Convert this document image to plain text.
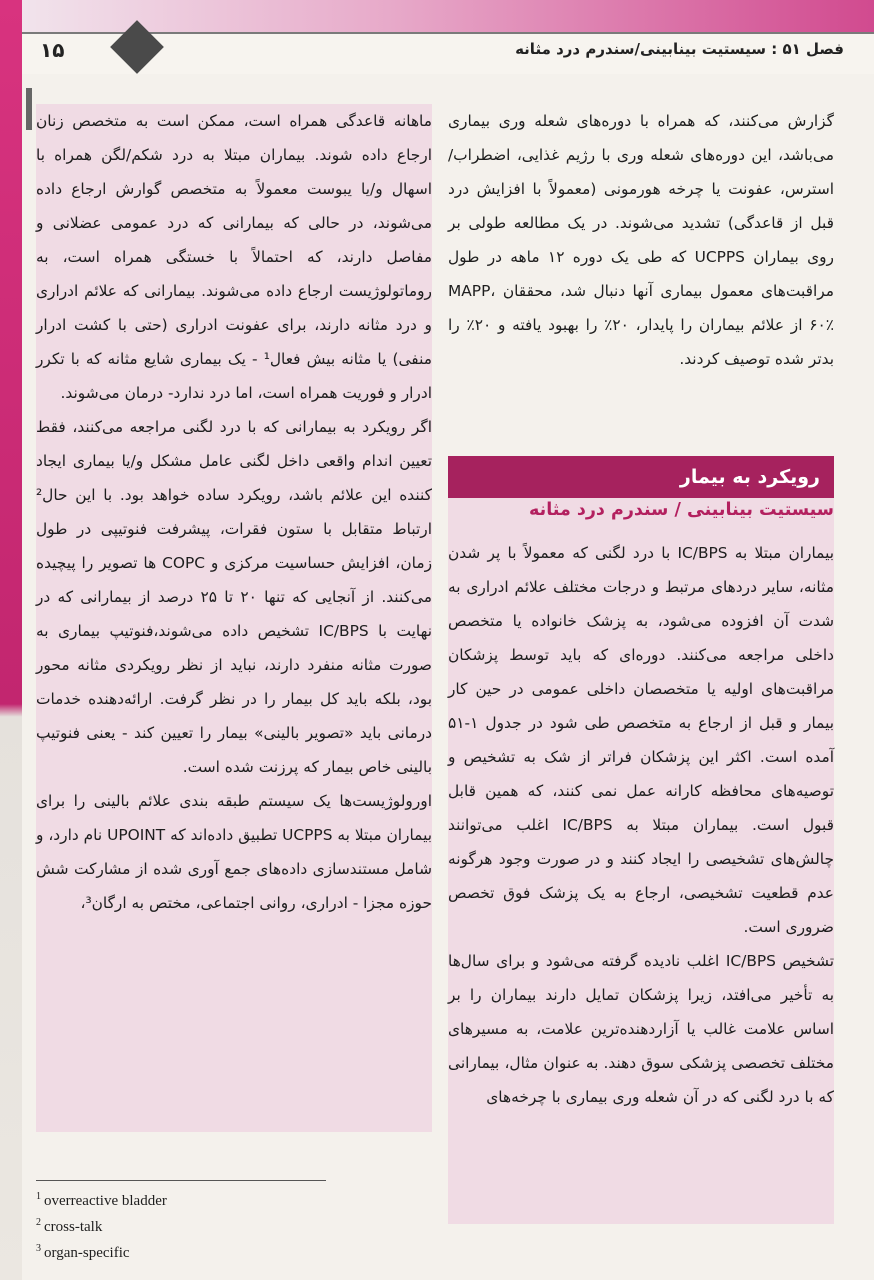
۱۵	فصل ۵۱ : سیستیت بینابینی/سندرم درد مثانه

گزارش می‌کنند، که همراه با دوره‌های شعله وری بیماری می‌باشد، این دوره‌های شعله وری با رژیم غذایی، اضطراب/استرس، عفونت یا چرخه هورمونی (معمولاً با افزایش درد قبل از قاعدگی) تشدید می‌شوند. در یک مطالعه طولی بر روی بیماران UCPPS که طی یک دوره ۱۲ ماهه در طول مراقبت‌های معمول بیماری آنها دنبال شد، محققان MAPP، ۶۰٪ از علائم بیماران را پایدار، ۲۰٪ را بهبود یافته و ۲۰٪ را بدتر شده توصیف کردند.

رویکرد به بیمار
سیستیت بینابینی / سندرم درد مثانه

بیماران مبتلا به IC/BPS با درد لگنی که معمولاً با پر شدن مثانه، سایر دردهای مرتبط و درجات مختلف علائم ادراری به شدت آن افزوده می‌شود، به پزشک خانواده یا متخصص داخلی مراجعه می‌کنند. دوره‌ای که باید توسط پزشکان مراقبت‌های اولیه یا متخصصان داخلی عمومی در حین کار بیمار و قبل از ارجاع به متخصص طی شود در جدول ۱-۵۱ آمده است. اکثر این پزشکان فراتر از شک به تشخیص و توصیه‌های محافظه کارانه عمل نمی کنند، که همین قابل قبول است. بیماران مبتلا به IC/BPS اغلب می‌توانند چالش‌های تشخیصی را ایجاد کنند و در صورت وجود هرگونه عدم قطعیت تشخیصی، ارجاع به یک پزشک فوق تخصص ضروری است.

تشخیص IC/BPS اغلب نادیده گرفته می‌شود و برای سال‌ها به تأخیر می‌افتد، زیرا پزشکان تمایل دارند بیماران را بر اساس علامت غالب یا آزاردهنده‌ترین علامت، به مسیرهای مختلف تخصصی پزشکی سوق دهند. به عنوان مثال، بیمارانی که با درد لگنی که در آن شعله وری بیماری با چرخه‌های

ماهانه قاعدگی همراه است، ممکن است به متخصص زنان ارجاع داده شوند. بیماران مبتلا به درد شکم/لگن همراه با اسهال و/یا یبوست معمولاً به متخصص گوارش ارجاع داده می‌شوند، در حالی که بیمارانی که درد عمومی عضلانی و مفاصل دارند، که احتمالاً با خستگی همراه است، به روماتولوژیست ارجاع داده می‌شوند. بیمارانی که علائم ادراری و درد مثانه دارند، برای عفونت ادراری (حتی با کشت ادرار منفی) یا مثانه بیش فعال¹ - یک بیماری شایع مثانه که با تکرر ادرار و فوریت همراه است، اما درد ندارد- درمان می‌شوند.

اگر رویکرد به بیمارانی که با درد لگنی مراجعه می‌کنند، فقط تعیین اندام واقعی داخل لگنی عامل مشکل و/یا بیماری ایجاد کننده این علائم باشد، رویکرد ساده خواهد بود. با این حال² ارتباط متقابل با ستون فقرات، پیشرفت فنوتیپی در طول زمان، افزایش حساسیت مرکزی و COPC ها تصویر را پیچیده می‌کنند. از آنجایی که تنها ۲۰ تا ۲۵ درصد از بیمارانی که در نهایت با IC/BPS تشخیص داده می‌شوند،فنوتیپ بیماری به صورت مثانه منفرد دارند، نباید از نظر رویکردی مثانه محور بود، بلکه باید کل بیمار را در نظر گرفت. ارائه‌دهنده خدمات درمانی باید «تصویر بالینی» بیمار را تعیین کند - یعنی فنوتیپ بالینی خاص بیمار که پرزنت شده است.

اورولوژیست‌ها یک سیستم طبقه بندی علائم بالینی را برای بیماران مبتلا به UCPPS تطبیق داده‌اند که UPOINT نام دارد، و شامل مستندسازی داده‌های جمع آوری شده از مشارکت شش حوزه مجزا - ادراری، روانی اجتماعی، مختص به ارگان³،

$^1$ overreactive bladder
$^2$ cross-talk
$^3$ organ-specific
